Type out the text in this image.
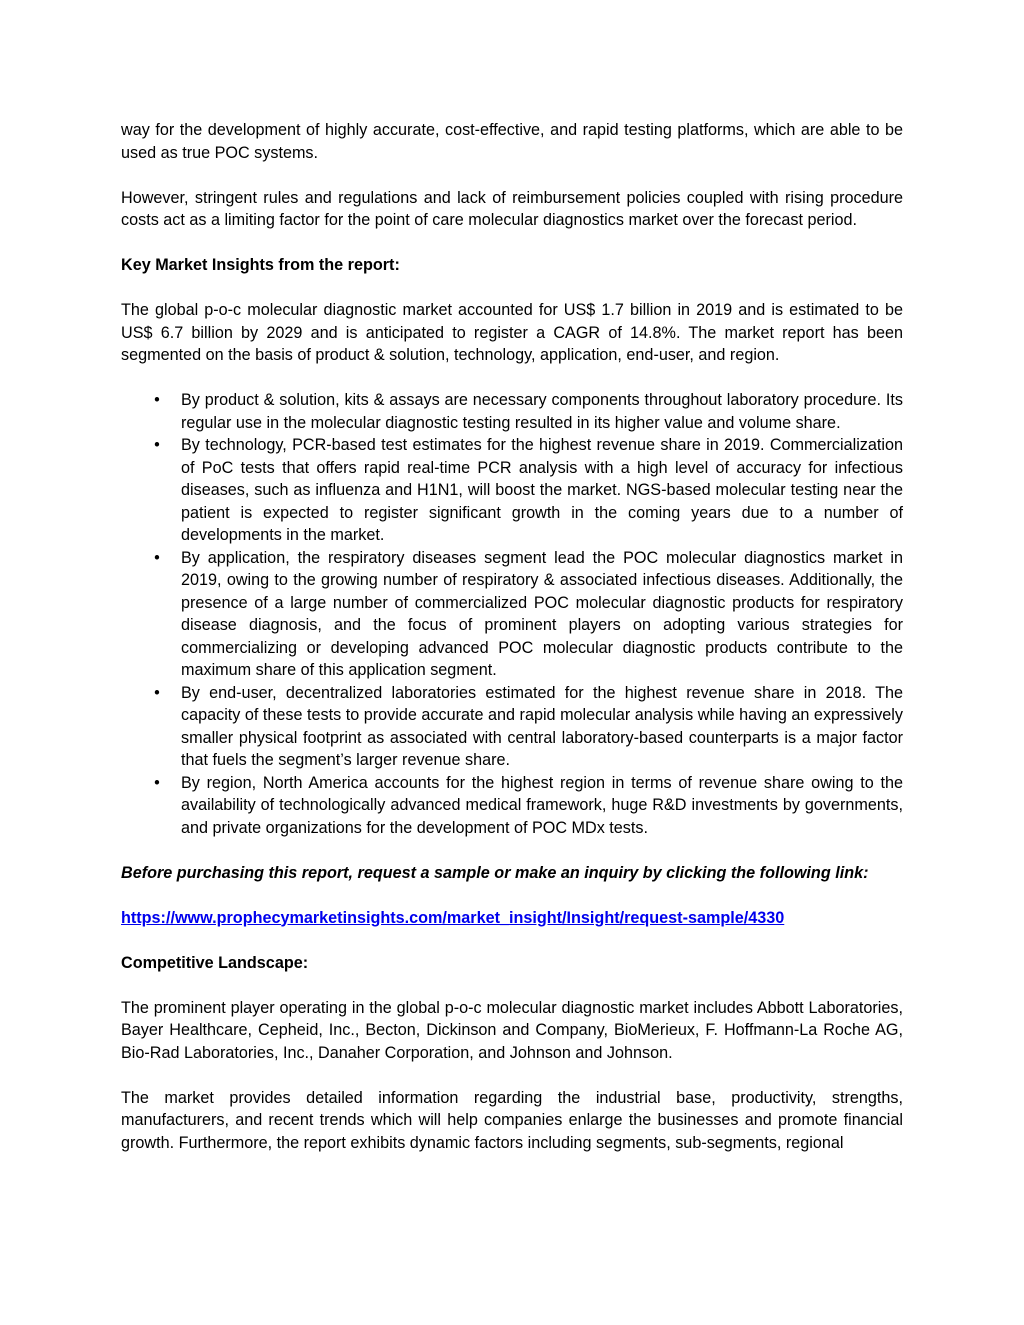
way for the development of highly accurate, cost-effective, and rapid testing platforms, which are able to be used as true POC systems.

However, stringent rules and regulations and lack of reimbursement policies coupled with rising procedure costs act as a limiting factor for the point of care molecular diagnostics market over the forecast period.

Key Market Insights from the report:

The global p-o-c molecular diagnostic market accounted for US$ 1.7 billion in 2019 and is estimated to be US$ 6.7 billion by 2029 and is anticipated to register a CAGR of 14.8%. The market report has been segmented on the basis of product & solution, technology, application, end-user, and region.

• By product & solution, kits & assays are necessary components throughout laboratory procedure. Its regular use in the molecular diagnostic testing resulted in its higher value and volume share.
• By technology, PCR-based test estimates for the highest revenue share in 2019. Commercialization of PoC tests that offers rapid real-time PCR analysis with a high level of accuracy for infectious diseases, such as influenza and H1N1, will boost the market. NGS-based molecular testing near the patient is expected to register significant growth in the coming years due to a number of developments in the market.
• By application, the respiratory diseases segment lead the POC molecular diagnostics market in 2019, owing to the growing number of respiratory & associated infectious diseases. Additionally, the presence of a large number of commercialized POC molecular diagnostic products for respiratory disease diagnosis, and the focus of prominent players on adopting various strategies for commercializing or developing advanced POC molecular diagnostic products contribute to the maximum share of this application segment.
• By end-user, decentralized laboratories estimated for the highest revenue share in 2018. The capacity of these tests to provide accurate and rapid molecular analysis while having an expressively smaller physical footprint as associated with central laboratory-based counterparts is a major factor that fuels the segment’s larger revenue share.
• By region, North America accounts for the highest region in terms of revenue share owing to the availability of technologically advanced medical framework, huge R&D investments by governments, and private organizations for the development of POC MDx tests.

Before purchasing this report, request a sample or make an inquiry by clicking the following link:

https://www.prophecymarketinsights.com/market_insight/Insight/request-sample/4330

Competitive Landscape:

The prominent player operating in the global p-o-c molecular diagnostic market includes Abbott Laboratories, Bayer Healthcare, Cepheid, Inc., Becton, Dickinson and Company, BioMerieux, F. Hoffmann-La Roche AG, Bio-Rad Laboratories, Inc., Danaher Corporation, and Johnson and Johnson.

The market provides detailed information regarding the industrial base, productivity, strengths, manufacturers, and recent trends which will help companies enlarge the businesses and promote financial growth. Furthermore, the report exhibits dynamic factors including segments, sub-segments, regional
